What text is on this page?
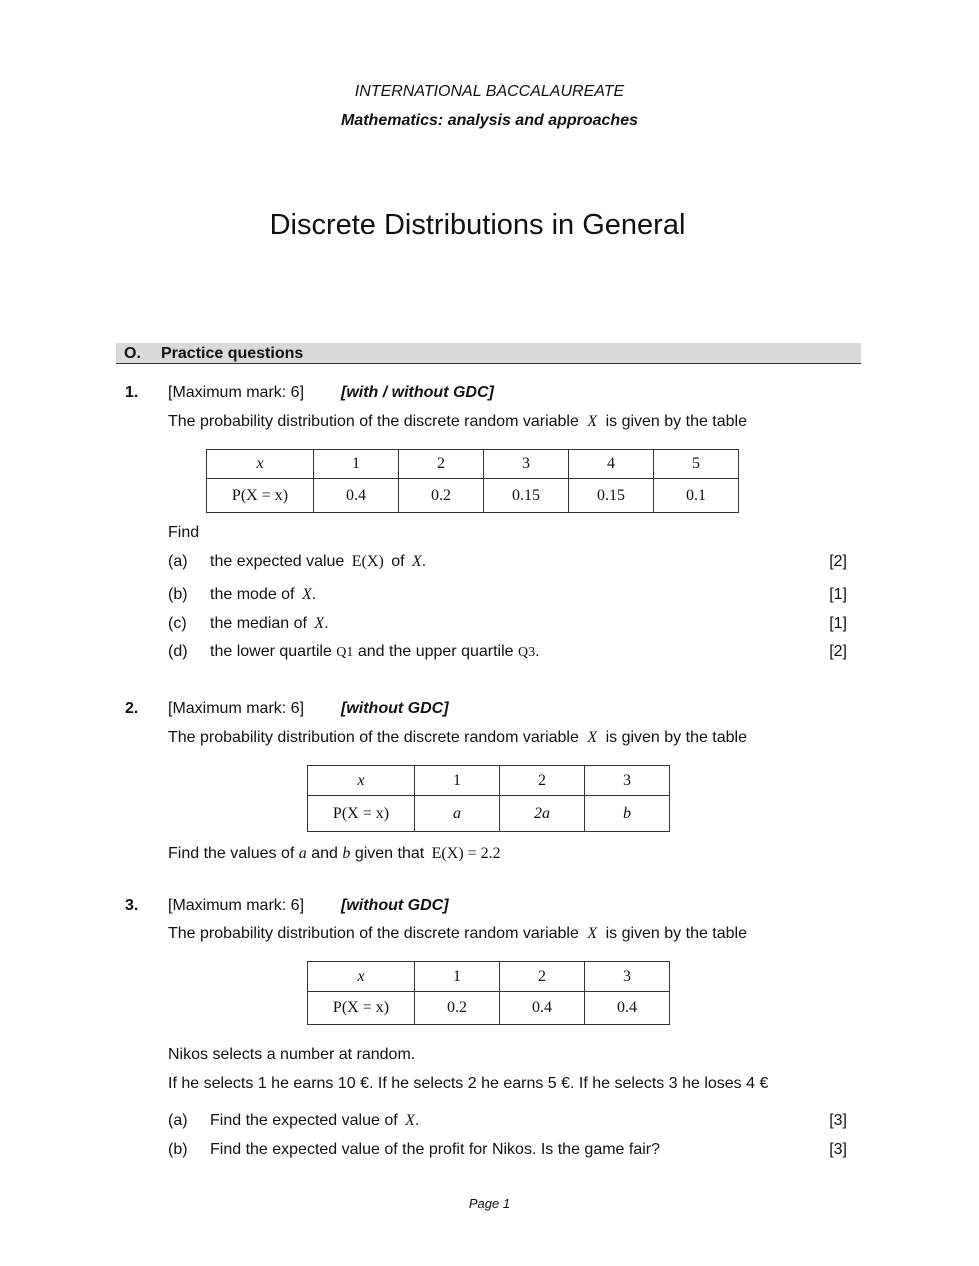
INTERNATIONAL BACCALAUREATE
Mathematics: analysis and approaches
Discrete Distributions in General
O. Practice questions
1. [Maximum mark: 6] [with / without GDC]
The probability distribution of the discrete random variable X is given by the table
x	1	2	3	4	5
P(X = x)	0.4	0.2	0.15	0.15	0.1
Find
(a) the expected value E(X) of X.	[2]
(b) the mode of X.	[1]
(c) the median of X.	[1]
(d) the lower quartile Q1 and the upper quartile Q3.	[2]
2. [Maximum mark: 6] [without GDC]
The probability distribution of the discrete random variable X is given by the table
x	1	2	3
P(X = x)	a	2a	b
Find the values of a and b given that E(X) = 2.2
3. [Maximum mark: 6] [without GDC]
The probability distribution of the discrete random variable X is given by the table
x	1	2	3
P(X = x)	0.2	0.4	0.4
Nikos selects a number at random.
If he selects 1 he earns 10 €. If he selects 2 he earns 5 €. If he selects 3 he loses 4 €
(a) Find the expected value of X.	[3]
(b) Find the expected value of the profit for Nikos. Is the game fair?	[3]
Page 1
